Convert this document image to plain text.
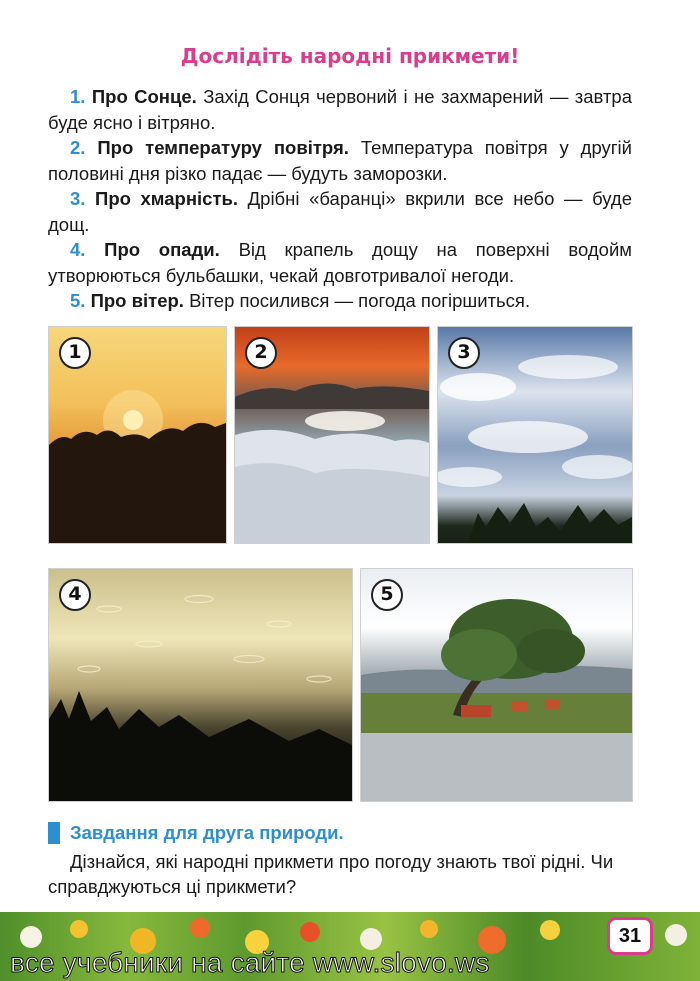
Дослідіть народні прикмети!

1. Про Сонце. Захід Сонця червоний і не захмарений — завтра буде ясно і вітряно.

2. Про температуру повітря. Температура повітря у другій половині дня різко падає — будуть заморозки.

3. Про хмарність. Дрібні «баранці» вкрили все небо — буде дощ.

4. Про опади. Від крапель дощу на поверхні водойм утворюються бульбашки, чекай довготривалої негоди.

5. Про вітер. Вітер посилився — погода погіршиться.

1	2	3
4	5
Завдання для друга природи.
Дізнайся, які народні прикмети про погоду знають твої рідні. Чи справджуються ці прикмети?
31
все учебники на сайте www.slovo.ws
